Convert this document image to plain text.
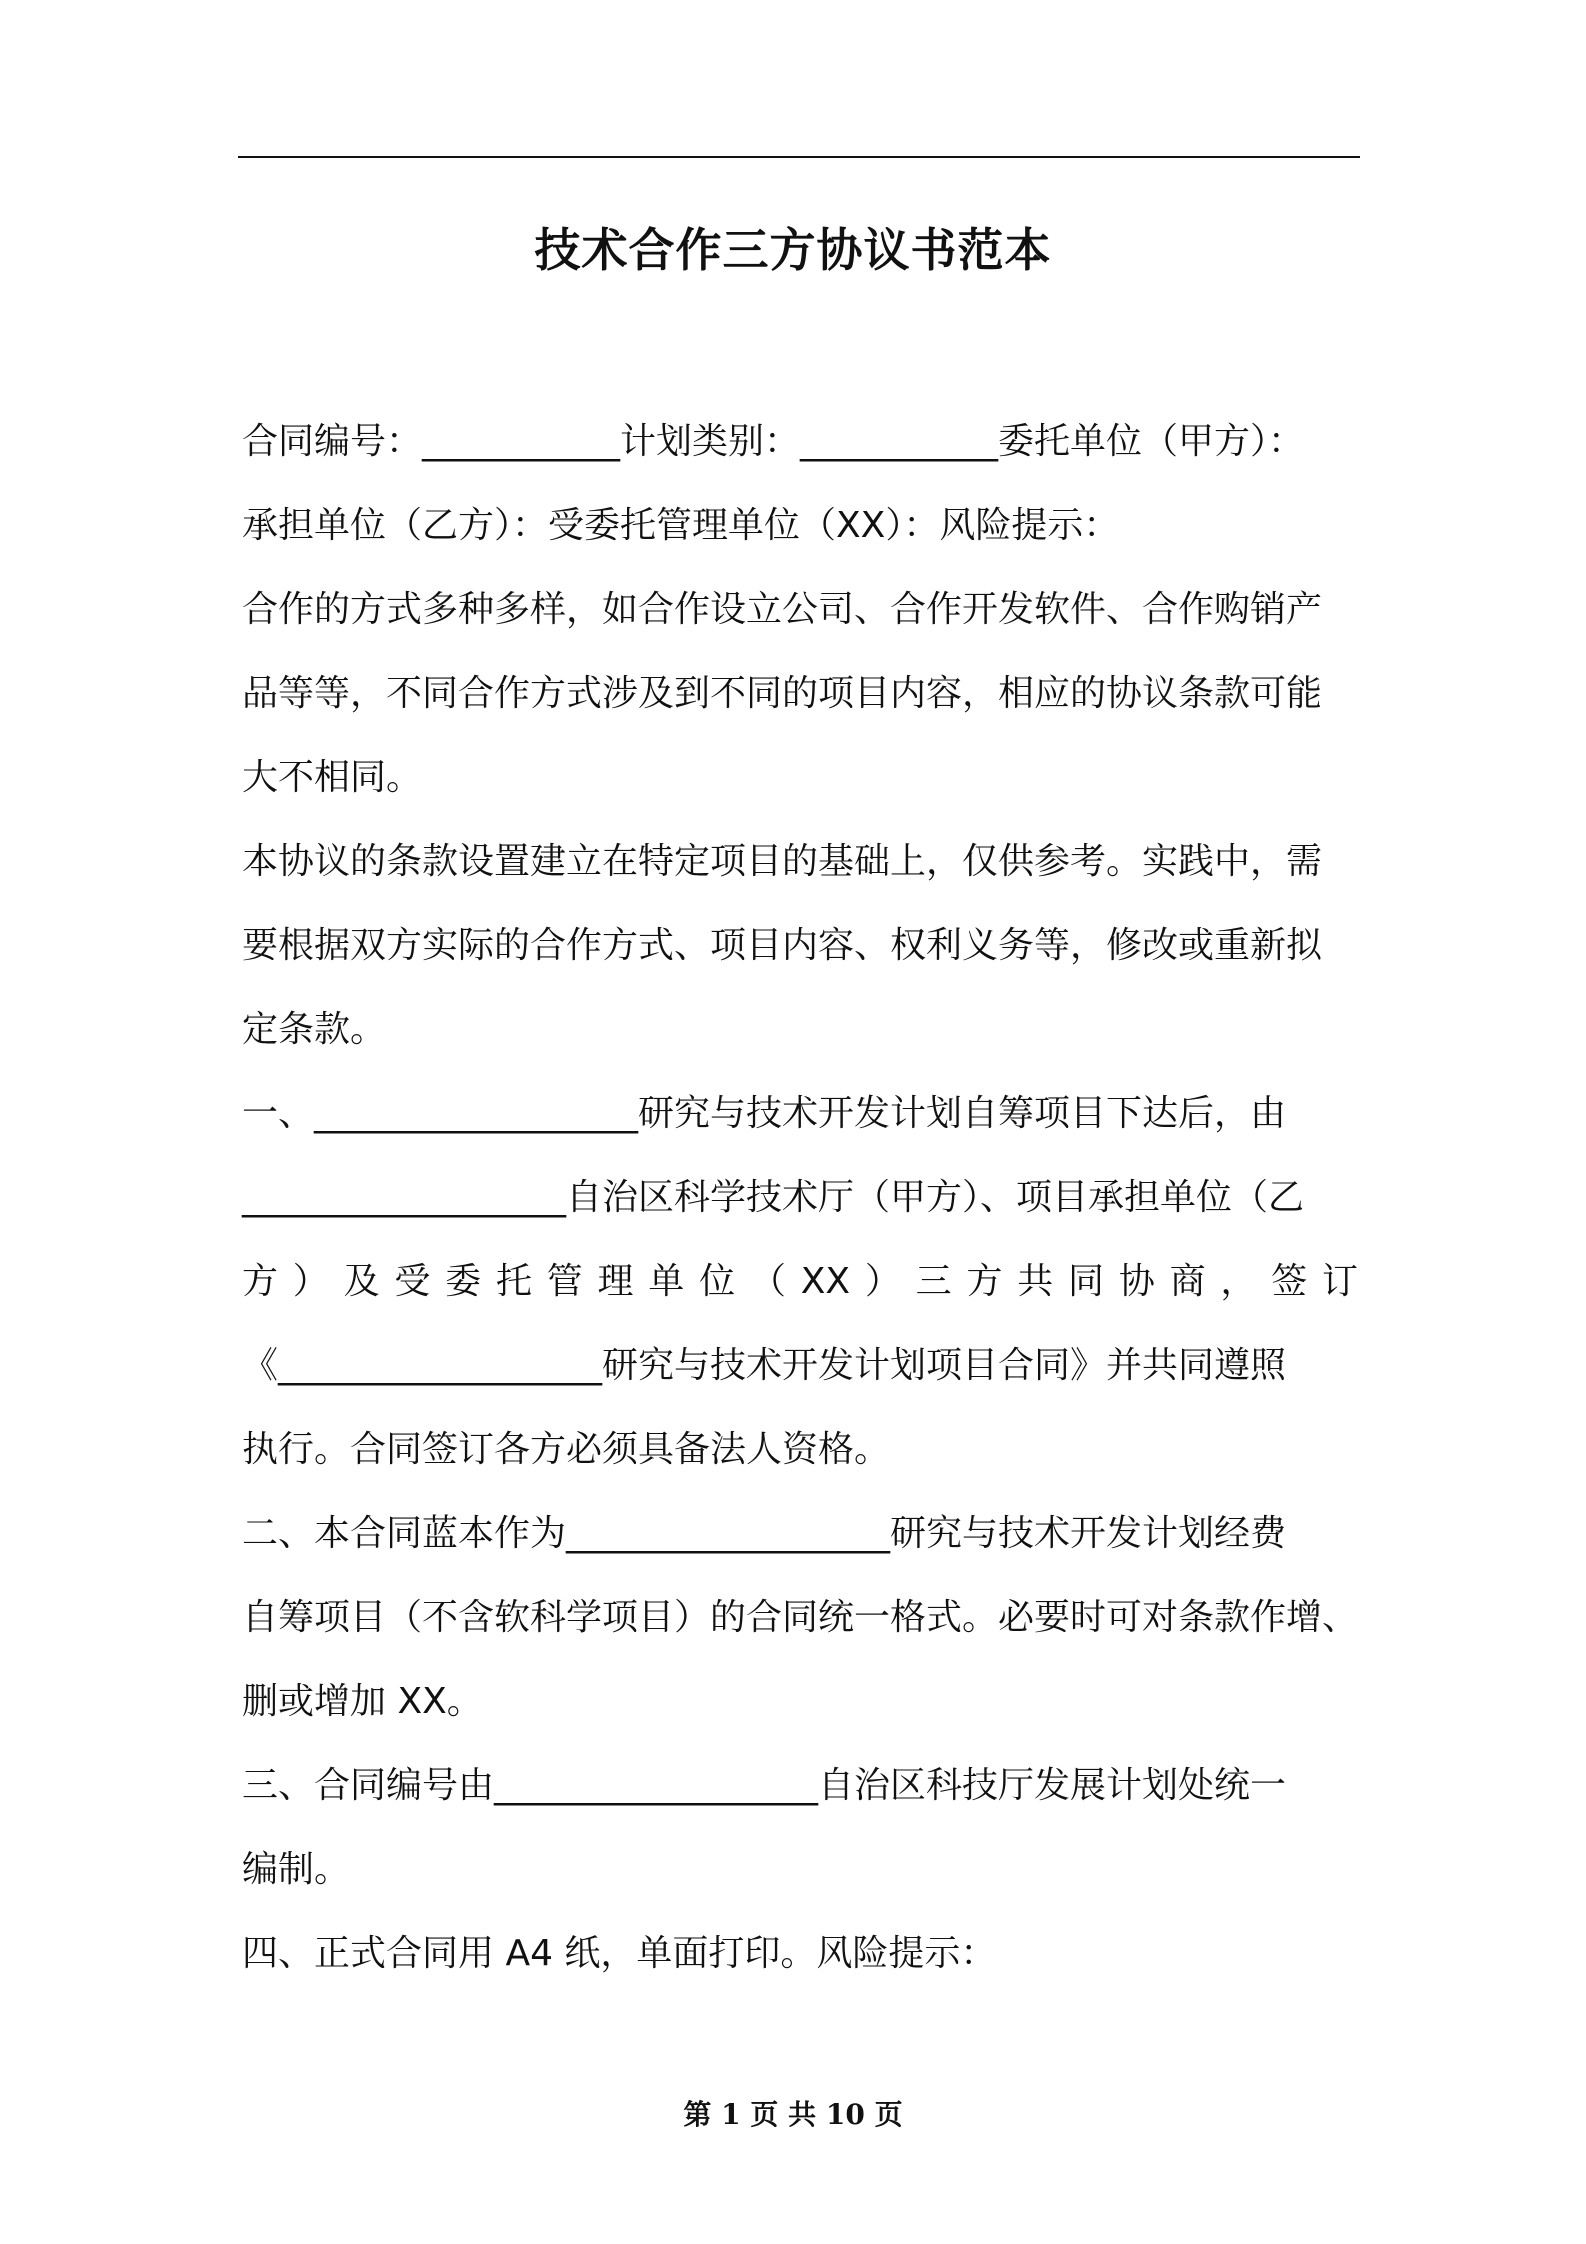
技术合作三方协议书范本
合同编号：___________计划类别：___________委托单位（甲方）：
承担单位（乙方）：受委托管理单位（XX）：风险提示：
合作的方式多种多样，如合作设立公司、合作开发软件、合作购销产
品等等，不同合作方式涉及到不同的项目内容，相应的协议条款可能
大不相同。
本协议的条款设置建立在特定项目的基础上，仅供参考。实践中，需
要根据双方实际的合作方式、项目内容、权利义务等，修改或重新拟
定条款。
一、__________________研究与技术开发计划自筹项目下达后，由
__________________自治区科学技术厅（甲方）、项目承担单位（乙
方）及受委托管理单位（XX）三方共同协商，签订
《__________________研究与技术开发计划项目合同》并共同遵照
执行。合同签订各方必须具备法人资格。
二、本合同蓝本作为__________________研究与技术开发计划经费
自筹项目（不含软科学项目）的合同统一格式。必要时可对条款作增、
删或增加 XX。
三、合同编号由__________________自治区科技厅发展计划处统一
编制。
四、正式合同用 A4 纸，单面打印。风险提示：
第 1 页 共 10 页
